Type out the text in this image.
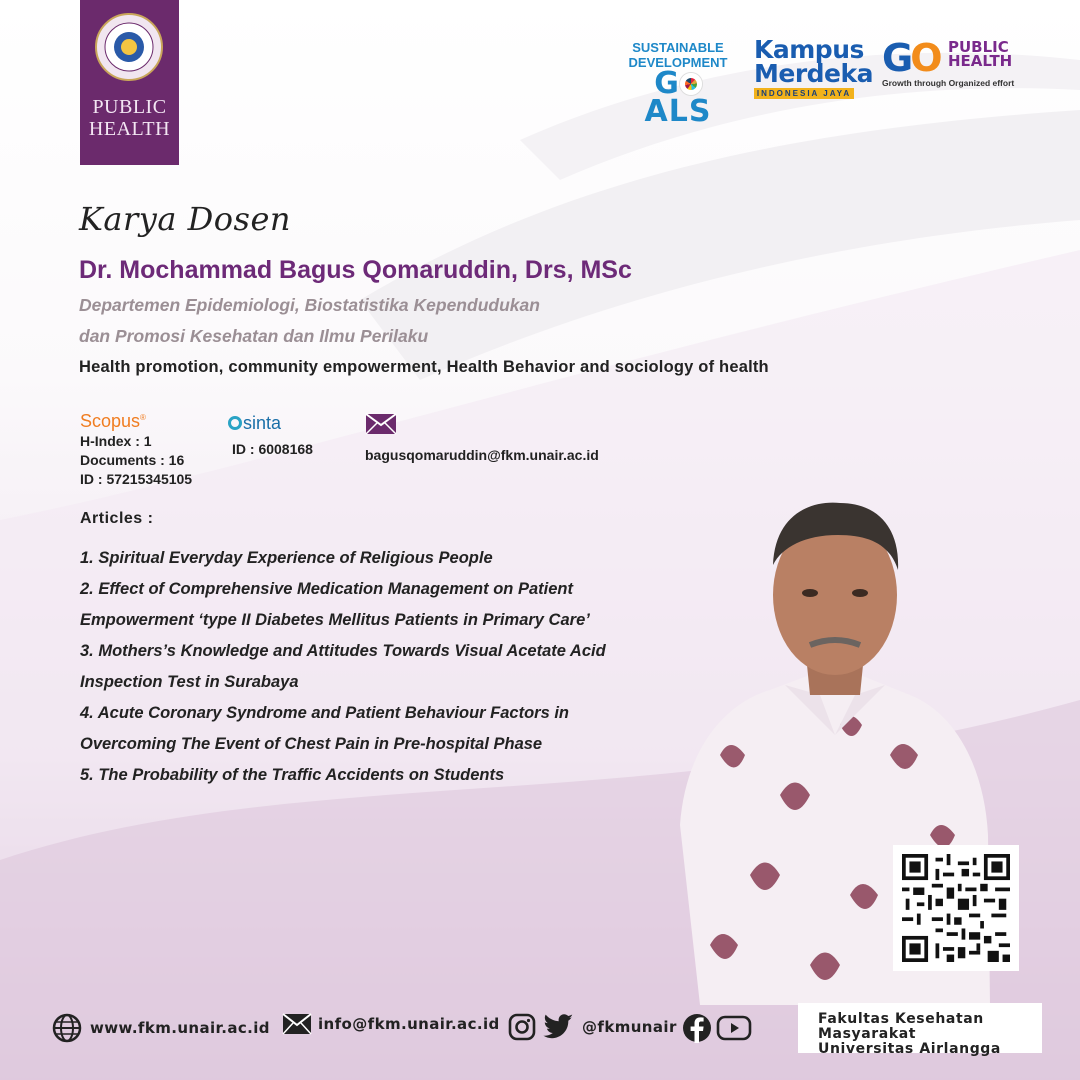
PUBLIC
HEALTH
SUSTAINABLE
DEVELOPMENT
GALS
Kampus
Merdeka
INDONESIA JAYA
GO PUBLIC
HEALTH
Growth through Organized effort
Karya Dosen
Dr. Mochammad Bagus Qomaruddin, Drs, MSc
Departemen Epidemiologi, Biostatistika Kependudukan
dan Promosi Kesehatan dan Ilmu Perilaku
Health promotion, community empowerment, Health Behavior and sociology of health
Scopus®
H-Index : 1
Documents : 16
ID : 57215345105
sinta
ID : 6008168	bagusqomaruddin@fkm.unair.ac.id
Articles :
1. Spiritual Everyday Experience of Religious People
2. Effect of Comprehensive Medication Management on Patient
Empowerment ‘type II Diabetes Mellitus Patients in Primary Care’
3. Mothers’s Knowledge and Attitudes Towards Visual Acetate Acid
Inspection Test in Surabaya
4. Acute Coronary Syndrome and Patient Behaviour Factors in
Overcoming The Event of Chest Pain in Pre-hospital Phase
5. The Probability of the Traffic Accidents on Students
www.fkm.unair.ac.id	info@fkm.unair.ac.id	@fkmunair	Fakultas Kesehatan Masyarakat
Universitas Airlangga
